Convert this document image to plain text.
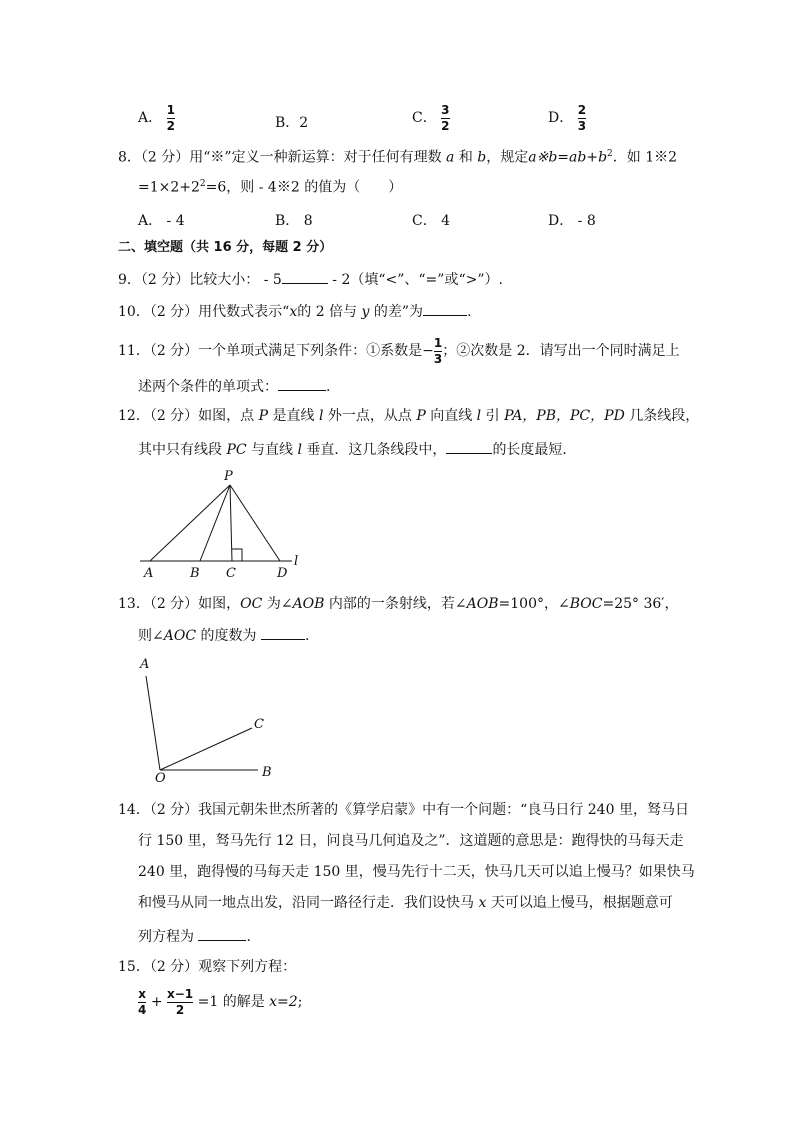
A． $\frac{1}{2}$	B．2	C． $\frac{3}{2}$	D． $\frac{2}{3}$
8．（2 分）用“※”定义一种新运算：对于任何有理数 a 和 b，规定$a※b=ab+b^2$．如 1※2
$=1\times 2+2^2=6$，则 - 4※2 的值为（　　）
A． - 4	B． 8	C． 4	D． - 8
二、填空题（共 16 分，每题 2 分）
9．（2 分）比较大小： - 5	- 2（填“<”、“=”或“>”）.
10．（2 分）用代数式表示“x的 2 倍与 y 的差”为	.
11．（2 分）一个单项式满足下列条件：①系数是− $\frac{1}{3}$ ；②次数是 2．请写出一个同时满足上
述两个条件的单项式：	.
12．（2 分）如图，点 P 是直线 l 外一点，从点 P 向直线 l 引 PA，PB，PC，PD 几条线段，
其中只有线段 PC 与直线 l 垂直．这几条线段中，	的长度最短．
P
A	B C	D
l
13．（2 分）如图，OC 为∠AOB 内部的一条射线，若∠AOB=100°，∠BOC=25° 36′，
则∠AOC 的度数为	.
A
C
O	B
14．（2 分）我国元朝朱世杰所著的《算学启蒙》中有一个问题：“良马日行 240 里，驽马日
行 150 里，驽马先行 12 日，问良马几何追及之”．这道题的意思是：跑得快的马每天走
240 里，跑得慢的马每天走 150 里，慢马先行十二天，快马几天可以追上慢马？如果快马
和慢马从同一地点出发，沿同一路径行走．我们设快马 x 天可以追上慢马，根据题意可
列方程为	.
15．（2 分）观察下列方程：
$\frac{x}{4} + \frac{x-1}{2} =1$ 的解是 x=2;
